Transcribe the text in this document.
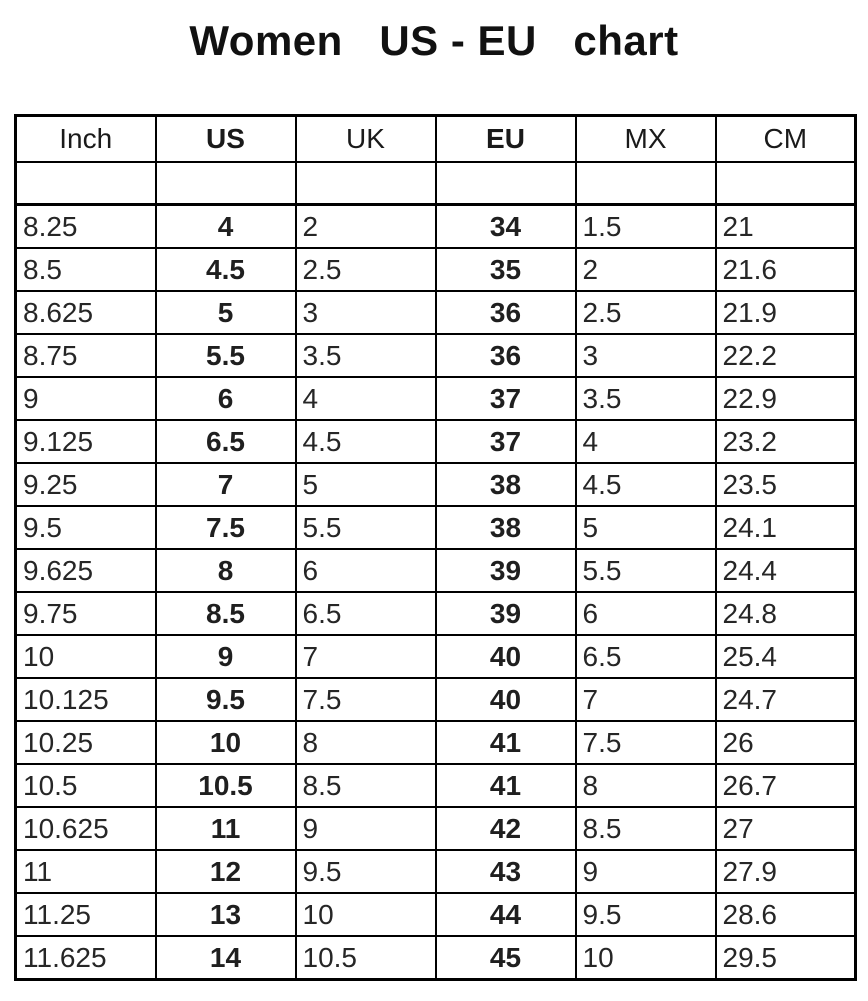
Women   US - EU   chart
Inch	US	UK	EU	MX	CM

8.25	4	2	34	1.5	21
8.5	4.5	2.5	35	2	21.6
8.625	5	3	36	2.5	21.9
8.75	5.5	3.5	36	3	22.2
9	6	4	37	3.5	22.9
9.125	6.5	4.5	37	4	23.2
9.25	7	5	38	4.5	23.5
9.5	7.5	5.5	38	5	24.1
9.625	8	6	39	5.5	24.4
9.75	8.5	6.5	39	6	24.8
10	9	7	40	6.5	25.4
10.125	9.5	7.5	40	7	24.7
10.25	10	8	41	7.5	26
10.5	10.5	8.5	41	8	26.7
10.625	11	9	42	8.5	27
11	12	9.5	43	9	27.9
11.25	13	10	44	9.5	28.6
11.625	14	10.5	45	10	29.5
